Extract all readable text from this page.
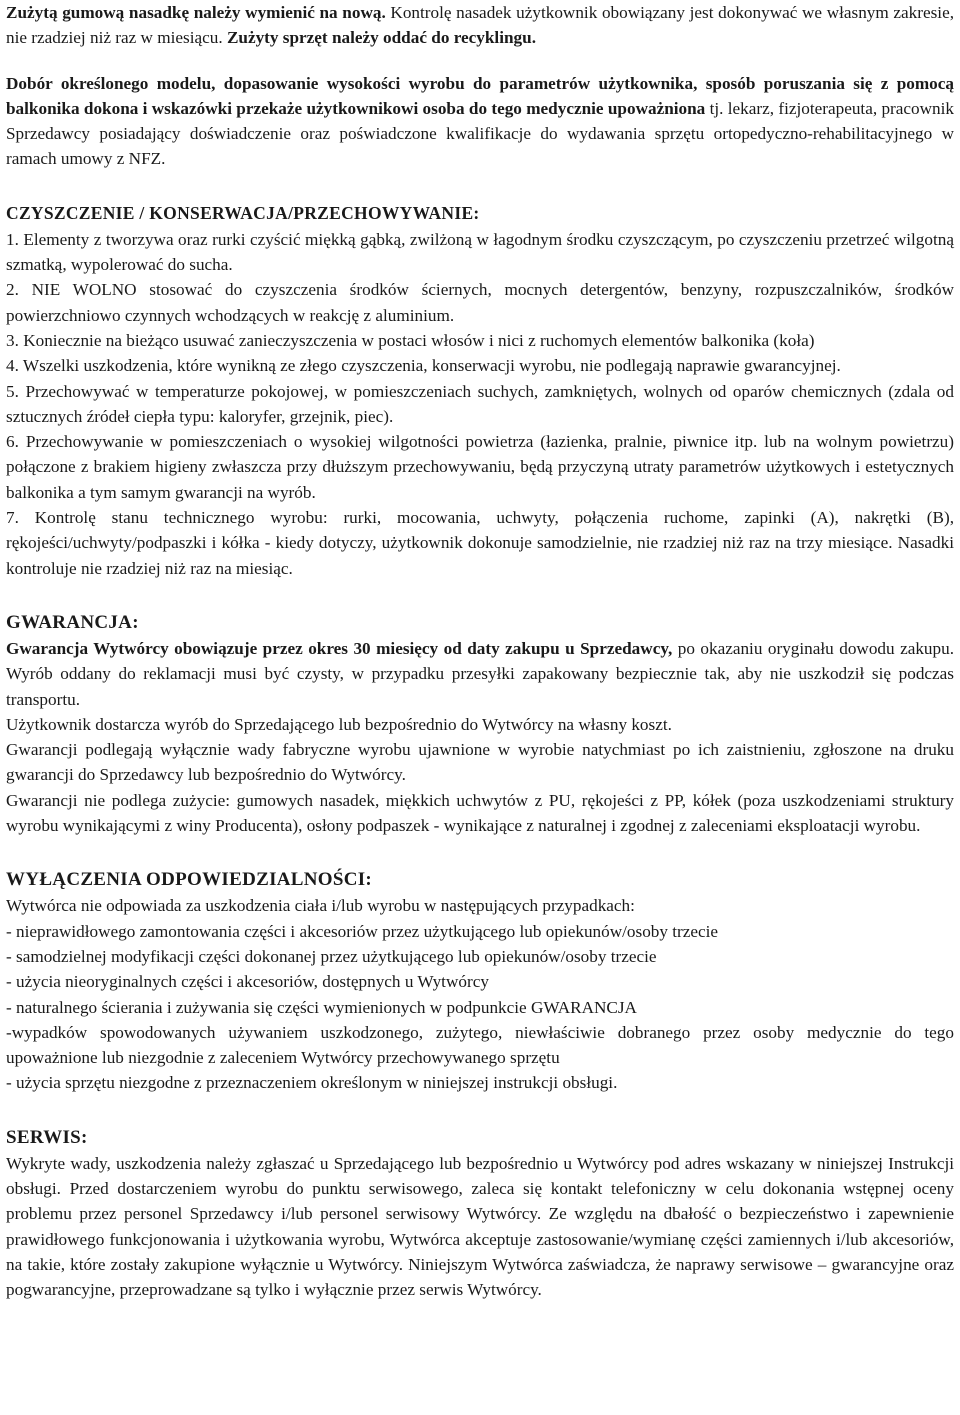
Zużytą gumową nasadkę należy wymienić na nową. Kontrolę nasadek użytkownik obowiązany jest dokonywać we własnym zakresie, nie rzadziej niż raz w miesiącu. Zużyty sprzęt należy oddać do recyklingu.

Dobór określonego modelu, dopasowanie wysokości wyrobu do parametrów użytkownika, sposób poruszania się z pomocą balkonika dokona i wskazówki przekaże użytkownikowi osoba do tego medycznie upoważniona tj. lekarz, fizjoterapeuta, pracownik Sprzedawcy posiadający doświadczenie oraz poświadczone kwalifikacje do wydawania sprzętu ortopedyczno-rehabilitacyjnego w ramach umowy z NFZ.

CZYSZCZENIE / KONSERWACJA/PRZECHOWYWANIE:

1. Elementy z tworzywa oraz rurki czyścić miękką gąbką, zwilżoną w łagodnym środku czyszczącym, po czyszczeniu przetrzeć wilgotną szmatką, wypolerować do sucha.

2. NIE WOLNO stosować do czyszczenia środków ściernych, mocnych detergentów, benzyny, rozpuszczalników, środków powierzchniowo czynnych wchodzących w reakcję z aluminium.

3. Koniecznie na bieżąco usuwać zanieczyszczenia w postaci włosów i nici z ruchomych elementów balkonika (koła)

4. Wszelki uszkodzenia, które wynikną ze złego czyszczenia, konserwacji wyrobu, nie podlegają naprawie gwarancyjnej.

5. Przechowywać w temperaturze pokojowej, w pomieszczeniach suchych, zamkniętych, wolnych od oparów chemicznych (zdala od sztucznych źródeł ciepła typu: kaloryfer, grzejnik, piec).

6. Przechowywanie w pomieszczeniach o wysokiej wilgotności powietrza (łazienka, pralnie, piwnice itp. lub na wolnym powietrzu) połączone z brakiem higieny zwłaszcza przy dłuższym przechowywaniu, będą przyczyną utraty parametrów użytkowych i estetycznych balkonika a tym samym gwarancji na wyrób.

7. Kontrolę stanu technicznego wyrobu: rurki, mocowania, uchwyty, połączenia ruchome, zapinki (A), nakrętki (B), rękojeści/uchwyty/podpaszki i kółka - kiedy dotyczy, użytkownik dokonuje samodzielnie, nie rzadziej niż raz na trzy miesiące. Nasadki kontroluje nie rzadziej niż raz na miesiąc.

GWARANCJA:

Gwarancja Wytwórcy obowiązuje przez okres 30 miesięcy od daty zakupu u Sprzedawcy, po okazaniu oryginału dowodu zakupu. Wyrób oddany do reklamacji musi być czysty, w przypadku przesyłki zapakowany bezpiecznie tak, aby nie uszkodził się podczas transportu.

Użytkownik dostarcza wyrób do Sprzedającego lub bezpośrednio do Wytwórcy na własny koszt.

Gwarancji podlegają wyłącznie wady fabryczne wyrobu ujawnione w wyrobie natychmiast po ich zaistnieniu, zgłoszone na druku gwarancji do Sprzedawcy lub bezpośrednio do Wytwórcy.

Gwarancji nie podlega zużycie: gumowych nasadek, miękkich uchwytów z PU, rękojeści z PP, kółek (poza uszkodzeniami struktury wyrobu wynikającymi z winy Producenta), osłony podpaszek - wynikające z naturalnej i zgodnej z zaleceniami eksploatacji wyrobu.

WYŁĄCZENIA ODPOWIEDZIALNOŚCI:

Wytwórca nie odpowiada za uszkodzenia ciała i/lub wyrobu w następujących przypadkach:

- nieprawidłowego zamontowania części i akcesoriów przez użytkującego lub opiekunów/osoby trzecie

- samodzielnej modyfikacji części dokonanej przez użytkującego lub opiekunów/osoby trzecie

- użycia nieoryginalnych części i akcesoriów, dostępnych u Wytwórcy

- naturalnego ścierania i zużywania się części wymienionych w podpunkcie GWARANCJA

-wypadków spowodowanych używaniem uszkodzonego, zużytego, niewłaściwie dobranego przez osoby medycznie do tego upoważnione lub niezgodnie z zaleceniem Wytwórcy przechowywanego sprzętu

- użycia sprzętu niezgodne z przeznaczeniem określonym w niniejszej instrukcji obsługi.

SERWIS:

Wykryte wady, uszkodzenia należy zgłaszać u Sprzedającego lub bezpośrednio u Wytwórcy pod adres wskazany w niniejszej Instrukcji obsługi. Przed dostarczeniem wyrobu do punktu serwisowego, zaleca się kontakt telefoniczny w celu dokonania wstępnej oceny problemu przez personel Sprzedawcy i/lub personel serwisowy Wytwórcy. Ze względu na dbałość o bezpieczeństwo i zapewnienie prawidłowego funkcjonowania i użytkowania wyrobu, Wytwórca akceptuje zastosowanie/wymianę części zamiennych i/lub akcesoriów, na takie, które zostały zakupione wyłącznie u Wytwórcy. Niniejszym Wytwórca zaświadcza, że naprawy serwisowe – gwarancyjne oraz pogwarancyjne, przeprowadzane są tylko i wyłącznie przez serwis Wytwórcy.
